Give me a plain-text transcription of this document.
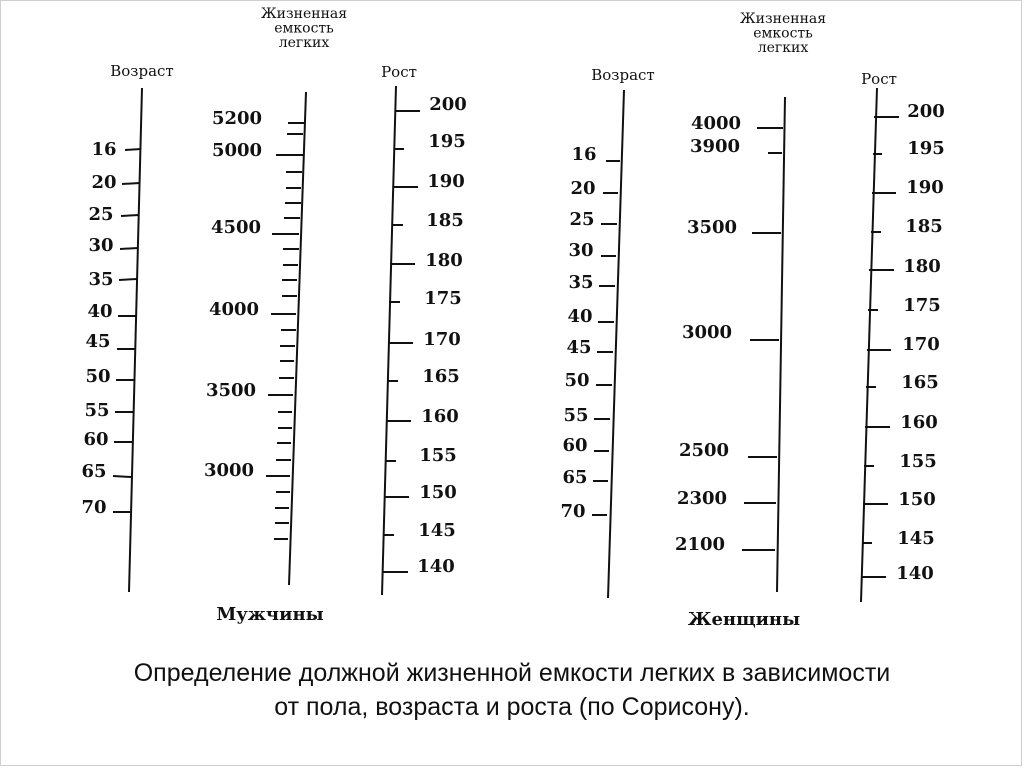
Возраст
16
20
25
30
35
40
45
50
55
60
65
70
Жизненная
емкость
легких
5200
5000
4500
4000
3500
3000
Рост
200
195
190
185
180
175
170
165
160
155
150
145
140
Мужчины
Возраст
16
20
25
30
35
40
45
50
55
60
65
70
Жизненная
емкость
легких
4000
3900
3500
3000
2500
2300
2100
Рост
200
195
190
185
180
175
170
165
160
155
150
145
140
Женщины
Определение должной жизненной емкости легких в зависимости
от пола, возраста и роста (по Сорисону).
